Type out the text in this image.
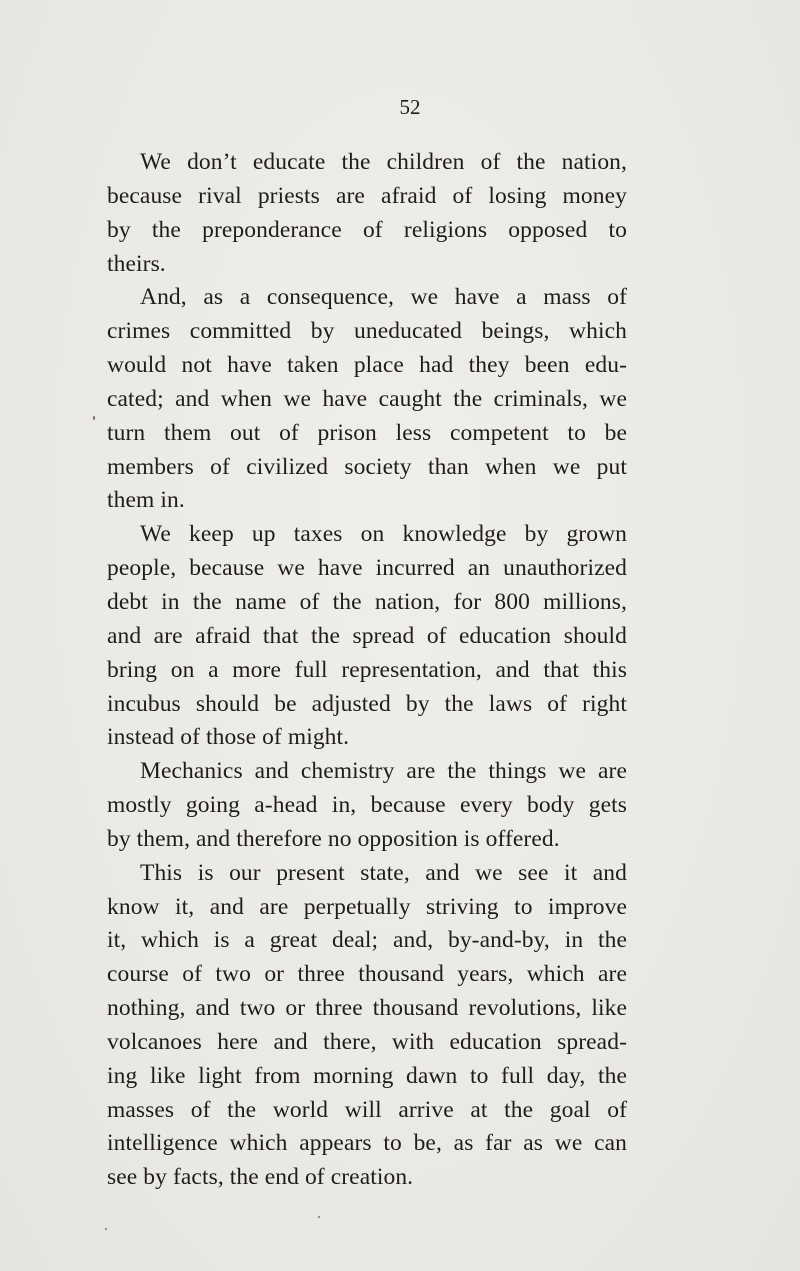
52
We don’t educate the children of the nation,
because rival priests are afraid of losing money
by the preponderance of religions opposed to
theirs.
And, as a consequence, we have a mass of
crimes committed by uneducated beings, which
would not have taken place had they been edu-
cated; and when we have caught the criminals, we
turn them out of prison less competent to be
members of civilized society than when we put
them in.
We keep up taxes on knowledge by grown
people, because we have incurred an unauthorized
debt in the name of the nation, for 800 millions,
and are afraid that the spread of education should
bring on a more full representation, and that this
incubus should be adjusted by the laws of right
instead of those of might.
Mechanics and chemistry are the things we are
mostly going a-head in, because every body gets
by them, and therefore no opposition is offered.
This is our present state, and we see it and
know it, and are perpetually striving to improve
it, which is a great deal; and, by-and-by, in the
course of two or three thousand years, which are
nothing, and two or three thousand revolutions, like
volcanoes here and there, with education spread-
ing like light from morning dawn to full day, the
masses of the world will arrive at the goal of
intelligence which appears to be, as far as we can
see by facts, the end of creation.
